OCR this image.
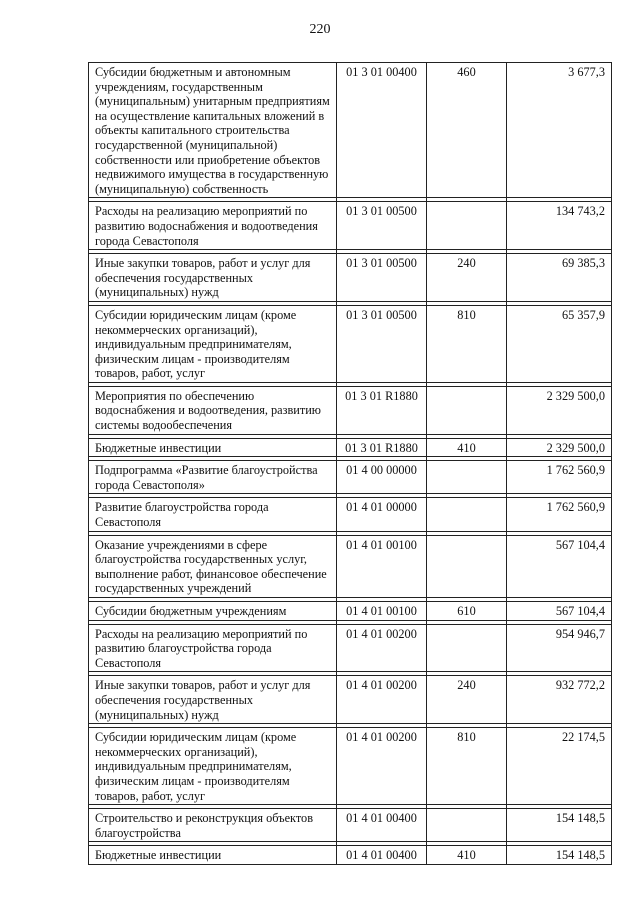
220
Субсидии бюджетным и автономным учреждениям, государственным (муниципальным) унитарным предприятиям на осуществление капитальных вложений в объекты капитального строительства государственной (муниципальной) собственности или приобретение объектов недвижимого имущества в государственную (муниципальную) собственность	01 3 01 00400	460	3 677,3

Расходы на реализацию мероприятий по развитию водоснабжения и водоотведения города Севастополя	01 3 01 00500		134 743,2

Иные закупки товаров, работ и услуг для обеспечения государственных (муниципальных) нужд	01 3 01 00500	240	69 385,3

Субсидии юридическим лицам (кроме некоммерческих организаций), индивидуальным предпринимателям, физическим лицам - производителям товаров, работ, услуг	01 3 01 00500	810	65 357,9

Мероприятия по обеспечению водоснабжения и водоотведения, развитию системы водообеспечения	01 3 01 R1880		2 329 500,0

Бюджетные инвестиции	01 3 01 R1880	410	2 329 500,0

Подпрограмма «Развитие благоустройства города Севастополя»	01 4 00 00000		1 762 560,9

Развитие благоустройства города Севастополя	01 4 01 00000		1 762 560,9

Оказание учреждениями в сфере благоустройства государственных услуг, выполнение работ, финансовое обеспечение государственных учреждений	01 4 01 00100		567 104,4

Субсидии бюджетным учреждениям	01 4 01 00100	610	567 104,4

Расходы на реализацию мероприятий по развитию благоустройства города Севастополя	01 4 01 00200		954 946,7

Иные закупки товаров, работ и услуг для обеспечения государственных (муниципальных) нужд	01 4 01 00200	240	932 772,2

Субсидии юридическим лицам (кроме некоммерческих организаций), индивидуальным предпринимателям, физическим лицам - производителям товаров, работ, услуг	01 4 01 00200	810	22 174,5

Строительство и реконструкция объектов благоустройства	01 4 01 00400		154 148,5

Бюджетные инвестиции	01 4 01 00400	410	154 148,5
